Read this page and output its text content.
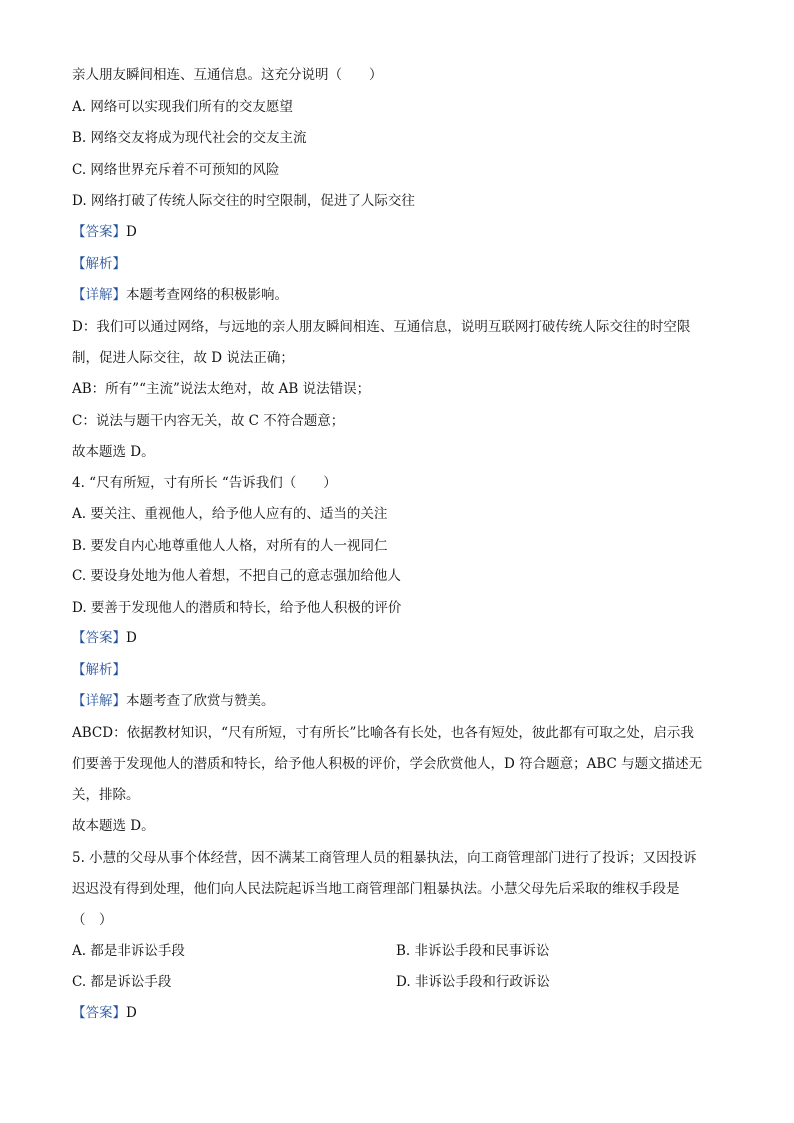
亲人朋友瞬间相连、互通信息。这充分说明（　　）
A. 网络可以实现我们所有的交友愿望
B. 网络交友将成为现代社会的交友主流
C. 网络世界充斥着不可预知的风险
D. 网络打破了传统人际交往的时空限制，促进了人际交往
【答案】D
【解析】
【详解】本题考查网络的积极影响。
D：我们可以通过网络，与远地的亲人朋友瞬间相连、互通信息，说明互联网打破传统人际交往的时空限
制，促进人际交往，故 D 说法正确；
AB：所有”“主流”说法太绝对，故 AB 说法错误；
C：说法与题干内容无关，故 C 不符合题意；
故本题选 D。
4. “尺有所短，寸有所长 “告诉我们（　　）
A. 要关注、重视他人，给予他人应有的、适当的关注
B. 要发自内心地尊重他人人格，对所有的人一视同仁
C. 要设身处地为他人着想，不把自己的意志强加给他人
D. 要善于发现他人的潜质和特长，给予他人积极的评价
【答案】D
【解析】
【详解】本题考查了欣赏与赞美。
ABCD：依据教材知识，“尺有所短，寸有所长”比喻各有长处，也各有短处，彼此都有可取之处，启示我
们要善于发现他人的潜质和特长，给予他人积极的评价，学会欣赏他人，D 符合题意；ABC 与题文描述无
关，排除。
故本题选 D。
5. 小慧的父母从事个体经营，因不满某工商管理人员的粗暴执法，向工商管理部门进行了投诉；又因投诉
迟迟没有得到处理，他们向人民法院起诉当地工商管理部门粗暴执法。小慧父母先后采取的维权手段是
（　）
A. 都是非诉讼手段	B. 非诉讼手段和民事诉讼
C. 都是诉讼手段	D. 非诉讼手段和行政诉讼
【答案】D
